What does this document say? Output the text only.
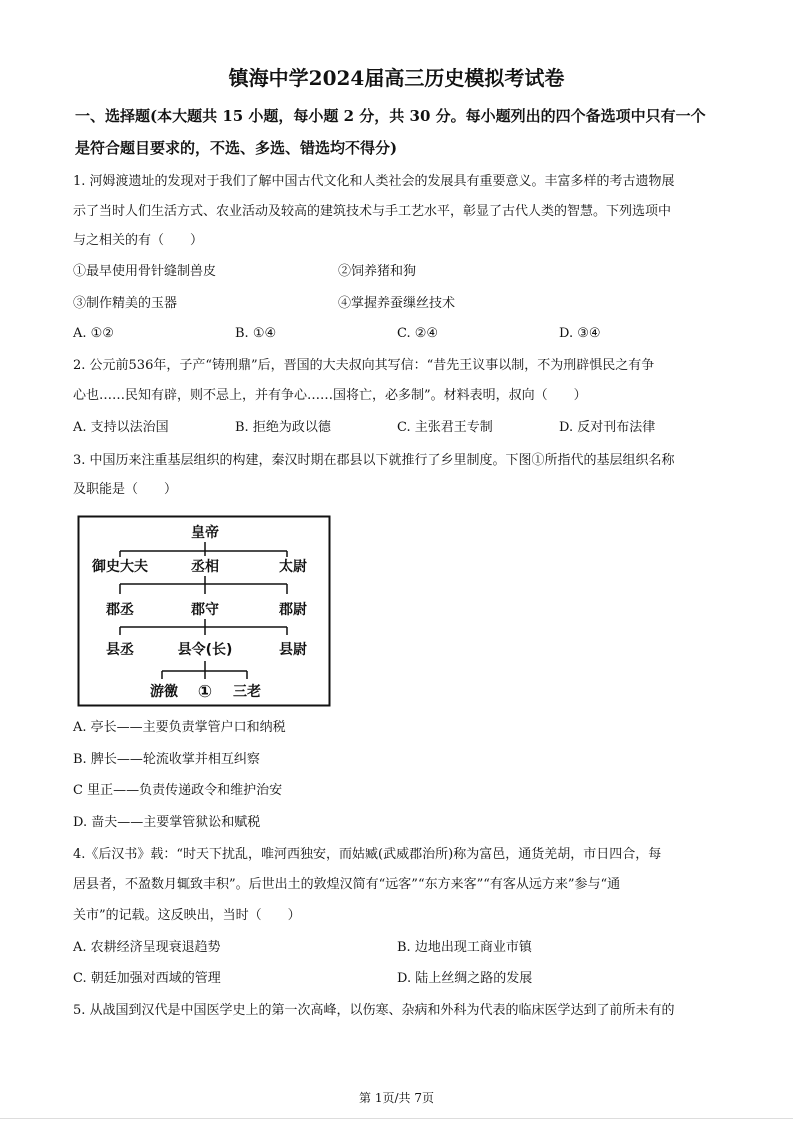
镇海中学2024届高三历史模拟考试卷
一、选择题(本大题共 15 小题，每小题 2 分，共 30 分。每小题列出的四个备选项中只有一个
是符合题目要求的，不选、多选、错选均不得分)
1. 河姆渡遗址的发现对于我们了解中国古代文化和人类社会的发展具有重要意义。丰富多样的考古遗物展
示了当时人们生活方式、农业活动及较高的建筑技术与手工艺水平，彰显了古代人类的智慧。下列选项中
与之相关的有（　　）
①最早使用骨针缝制兽皮	②饲养猪和狗
③制作精美的玉器	④掌握养蚕缫丝技术
A. ①②	B. ①④	C. ②④	D. ③④
2. 公元前536年，子产“铸刑鼎”后，晋国的大夫叔向其写信：“昔先王议事以制，不为刑辟惧民之有争
心也……民知有辟，则不忌上，并有争心……国将亡，必多制”。材料表明，叔向（　　）
A. 支持以法治国	B. 拒绝为政以德	C. 主张君王专制	D. 反对刊布法律
3. 中国历来注重基层组织的构建，秦汉时期在郡县以下就推行了乡里制度。下图①所指代的基层组织名称
及职能是（　　）
皇帝
御史大夫	丞相	太尉
郡丞	郡守	郡尉
县丞	县令(长)	县尉
游徼 ① 三老
A. 亭长——主要负责掌管户口和纳税
B. 脾长——轮流收掌并相互纠察
C 里正——负责传递政令和维护治安
D. 啬夫——主要掌管狱讼和赋税
4.《后汉书》载：“时天下扰乱，唯河西独安，而姑臧(武威郡治所)称为富邑，通货羌胡，市日四合，每
居县者，不盈数月辄致丰积”。后世出土的敦煌汉简有“远客”“东方来客”“有客从远方来”参与“通
关市”的记载。这反映出，当时（　　）
A. 农耕经济呈现衰退趋势	B. 边地出现工商业市镇
C. 朝廷加强对西域的管理	D. 陆上丝绸之路的发展
5. 从战国到汉代是中国医学史上的第一次高峰，以伤寒、杂病和外科为代表的临床医学达到了前所未有的
第 1页/共 7页
